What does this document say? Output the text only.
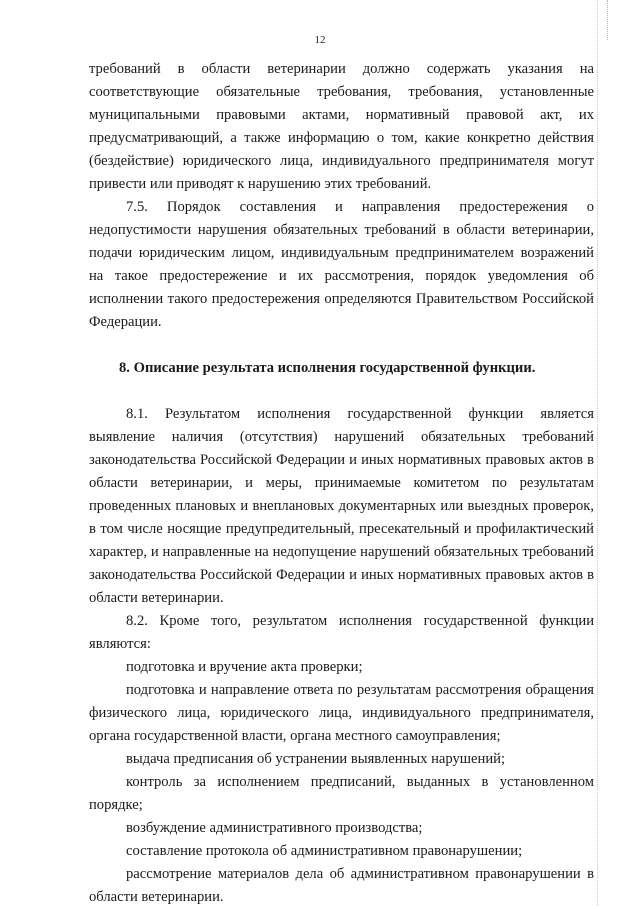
12

требований в области ветеринарии должно содержать указания на соответствующие обязательные требования, требования, установленные муниципальными правовыми актами, нормативный правовой акт, их предусматривающий, а также информацию о том, какие конкретно действия (бездействие) юридического лица, индивидуального предпринимателя могут привести или приводят к нарушению этих требований.

7.5. Порядок составления и направления предостережения о недопустимости нарушения обязательных требований в области ветеринарии, подачи юридическим лицом, индивидуальным предпринимателем возражений на такое предостережение и их рассмотрения, порядок уведомления об исполнении такого предостережения определяются Правительством Российской Федерации.

8. Описание результата исполнения государственной функции.

8.1. Результатом исполнения государственной функции является выявление наличия (отсутствия) нарушений обязательных требований законодательства Российской Федерации и иных нормативных правовых актов в области ветеринарии, и меры, принимаемые комитетом по результатам проведенных плановых и внеплановых документарных или выездных проверок, в том числе носящие предупредительный, пресекательный и профилактический характер, и направленные на недопущение нарушений обязательных требований законодательства Российской Федерации и иных нормативных правовых актов в области ветеринарии.

8.2. Кроме того, результатом исполнения государственной функции являются:

подготовка и вручение акта проверки;

подготовка и направление ответа по результатам рассмотрения обращения физического лица, юридического лица, индивидуального предпринимателя, органа государственной власти, органа местного самоуправления;

выдача предписания об устранении выявленных нарушений;

контроль за исполнением предписаний, выданных в установленном порядке;

возбуждение административного производства;

составление протокола об административном правонарушении;

рассмотрение материалов дела об административном правонарушении в области ветеринарии.
